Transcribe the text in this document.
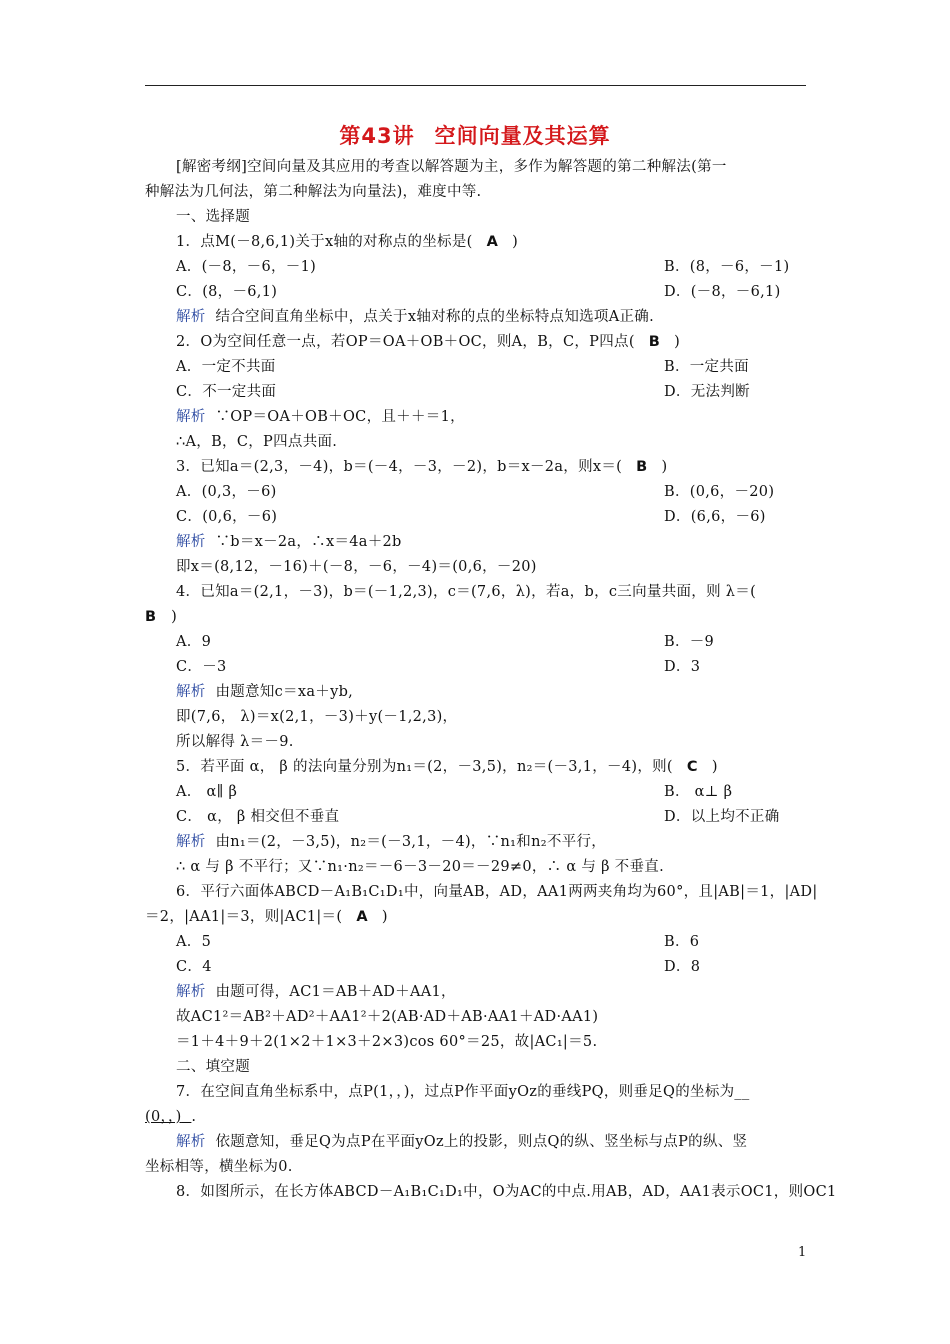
第43讲 空间向量及其运算
[解密考纲]空间向量及其应用的考查以解答题为主，多作为解答题的第二种解法(第一
种解法为几何法，第二种解法为向量法)，难度中等.
一、选择题
1．点M(－8,6,1)关于x轴的对称点的坐标是( A )
A．(－8，－6，－1)	B．(8，－6，－1)
C．(8，－6,1)	D．(－8，－6,1)
解析 结合空间直角坐标中，点关于x轴对称的点的坐标特点知选项A正确.
2．O为空间任意一点，若OP＝OA＋OB＋OC，则A，B，C，P四点( B )
A．一定不共面	B．一定共面
C．不一定共面	D．无法判断
解析 ∵OP＝OA＋OB＋OC，且＋＋＝1，
∴A，B，C，P四点共面.
3．已知a＝(2,3，－4)，b＝(－4，－3，－2)，b＝x－2a，则x＝( B )
A．(0,3，－6)	B．(0,6，－20)
C．(0,6，－6)	D．(6,6，－6)
解析 ∵b＝x－2a，∴x＝4a＋2b
即x＝(8,12，－16)＋(－8，－6，－4)＝(0,6，－20)
4．已知a＝(2,1，－3)，b＝(－1,2,3)，c＝(7,6，λ)，若a，b，c三向量共面，则 λ＝(
B )
A．9	B．－9
C．－3	D．3
解析 由题意知c＝xa＋yb,
即(7,6， λ)＝x(2,1，－3)＋y(－1,2,3)，
所以解得 λ＝－9.
5．若平面 α， β 的法向量分别为n₁＝(2，－3,5)，n₂＝(－3,1，－4)，则( C )
A． α∥ β	B． α⊥ β
C． α， β 相交但不垂直	D．以上均不正确
解析 由n₁＝(2，－3,5)，n₂＝(－3,1，－4)，∵n₁和n₂不平行，
∴ α 与 β 不平行；又∵n₁·n₂＝－6－3－20＝－29≠0，∴ α 与 β 不垂直.
6．平行六面体ABCD－A₁B₁C₁D₁中，向量AB，AD，AA1两两夹角均为60°，且|AB|＝1，|AD|
＝2，|AA1|＝3，则|AC1|＝( A )
A．5	B．6
C．4	D．8
解析 由题可得，AC1＝AB＋AD＋AA1，
故AC1²＝AB²＋AD²＋AA1²＋2(AB·AD＋AB·AA1＋AD·AA1)
＝1＋4＋9＋2(1×2＋1×3＋2×3)cos 60°＝25，故|AC₁|＝5.
二、填空题
7．在空间直角坐标系中，点P(1，，)，过点P作平面yOz的垂线PQ，则垂足Q的坐标为__
(0，，) .
解析 依题意知，垂足Q为点P在平面yOz上的投影，则点Q的纵、竖坐标与点P的纵、竖
坐标相等，横坐标为0.
8．如图所示，在长方体ABCD－A₁B₁C₁D₁中，O为AC的中点.用AB，AD，AA1表示OC1，则OC1
1
